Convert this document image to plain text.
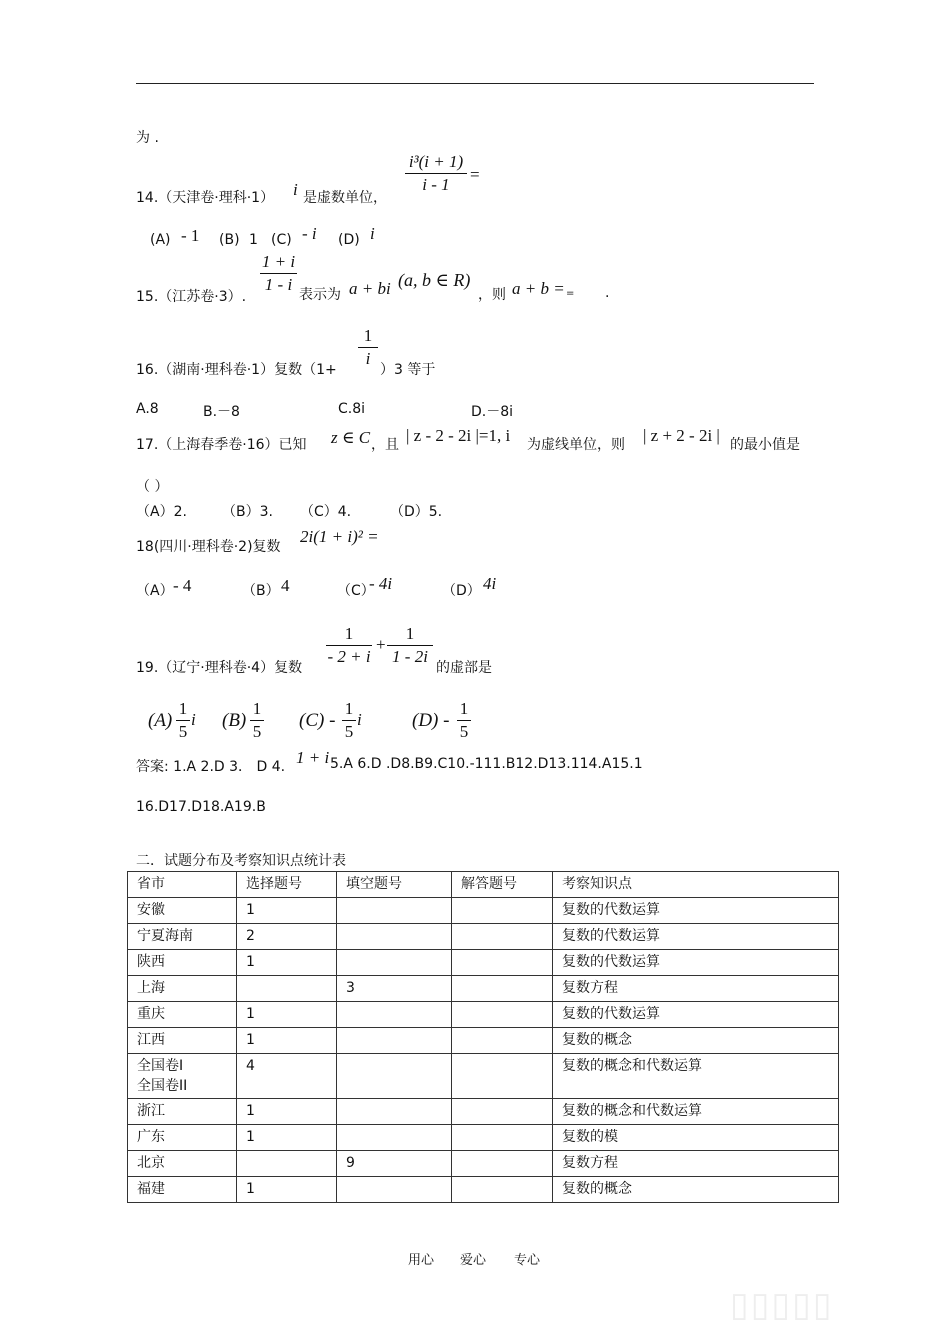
为 .
14.（天津卷·理科·1） i 是虚数单位，
i³(i + 1)
i - 1
=
(A) - 1 (B) 1 (C) - i (D) i
15.（江苏卷·3）.
1 + i
1 - i
表示为 a + bi (a, b ∈ R)
，则 a + b = = .
16.（湖南·理科卷·1）复数（1+
1
i
）3 等于
A.8	B.－8	C.8i	D.－8i
17.（上海春季卷·16）已知 z ∈ C ，且 | z - 2 - 2i |=1, i 为虚线单位，则 | z + 2 - 2i | 的最小值是
（ ）
（A）2.	（B）3. （C）4.	（D）5.
18(四川·理科卷·2)复数
2i(1 + i)² =
（A） - 4	（B） 4	（C）
- 4i	（D） 4i
19.（辽宁·理科卷·4）复数
1
- 2 + i
+
1
1 - 2i
的虚部是
(A)
1
5
i (B)
1
5
(C) -
1
5
i	(D) -
1
5
答案: 1.A 2.D 3． D 4. 1 + i 5.A 6.D .D8.B9.C10.-111.B12.D13.114.A15.1
16.D17.D18.A19.B
二．试题分布及考察知识点统计表
省市	选择题号	填空题号	解答题号	考察知识点
安徽	1			复数的代数运算
宁夏海南	2			复数的代数运算
陕西	1			复数的代数运算
上海		3		复数方程
重庆	1			复数的代数运算
江西	1			复数的概念

全国卷I
全国卷II	4			复数的概念和代数运算
浙江	1			复数的概念和代数运算
广东	1			复数的模
北京		9		复数方程
福建	1			复数的概念
用心 爱心 专心
▯▯▯▯▯
